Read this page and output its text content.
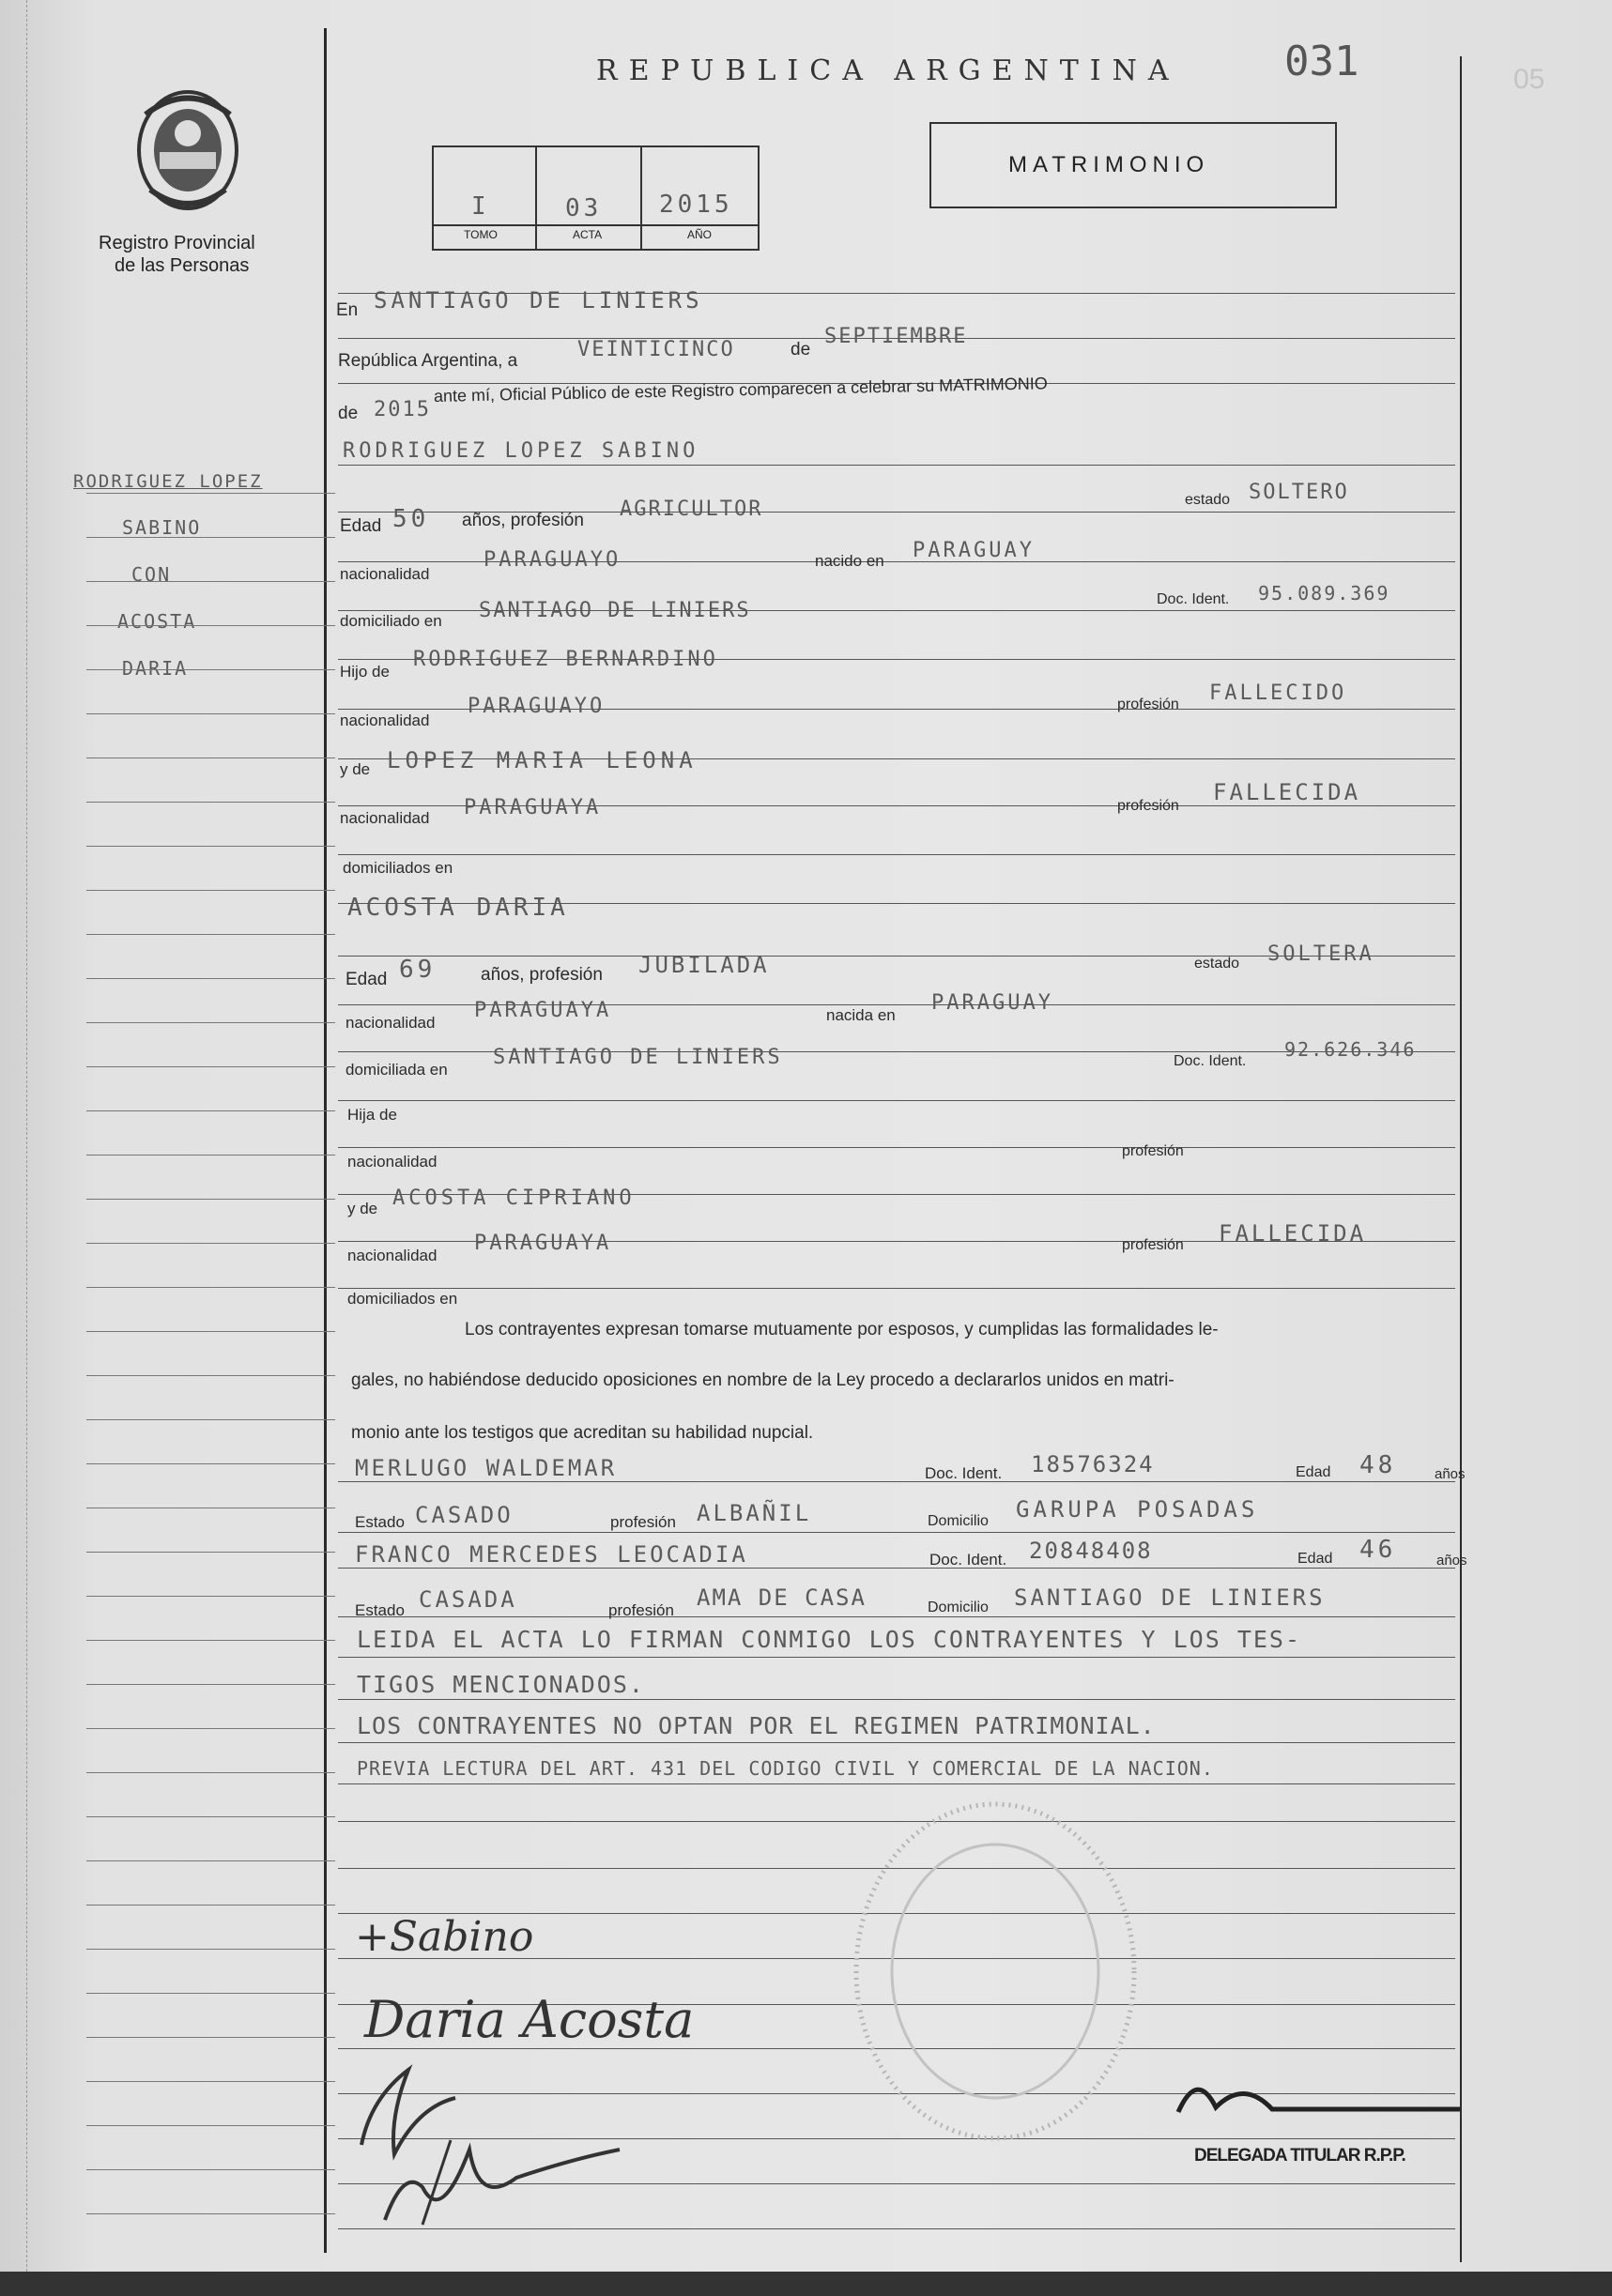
Registro Provincial
de las Personas
REPUBLICA ARGENTINA	031	05
I
TOMO
03
ACTA
2015
AÑO
MATRIMONIO
RODRIGUEZ LOPEZ
SABINO
CON
ACOSTA
DARIA
En SANTIAGO DE LINIERS
República Argentina, a	VEINTICINCO	de
SEPTIEMBRE
de 2015
ante mí, Oficial Público de este Registro comparecen a celebrar su MATRIMONIO
RODRIGUEZ LOPEZ SABINO
Edad 50 años, profesión AGRICULTOR	estado SOLTERO
nacionalidad
PARAGUAYO	nacido en PARAGUAY
domiciliado en SANTIAGO DE LINIERS	Doc. Ident. 95.089.369
Hijo de
RODRIGUEZ BERNARDINO
nacionalidad
PARAGUAYO	profesión FALLECIDO
y de LOPEZ MARIA LEONA
nacionalidad PARAGUAYA	profesión
FALLECIDA
domiciliados en
ACOSTA DARIA
Edad 69	años, profesión JUBILADA	estado SOLTERA
nacionalidad
PARAGUAYA	nacida en
PARAGUAY
domiciliada en
SANTIAGO DE LINIERS	Doc. Ident.
92.626.346
Hija de
nacionalidad
profesión
y de ACOSTA CIPRIANO
nacionalidad
PARAGUAYA	profesión FALLECIDA
domiciliados en
Los contrayentes expresan tomarse mutuamente por esposos, y cumplidas las formalidades le-
gales, no habiéndose deducido oposiciones en nombre de la Ley procedo a declararlos unidos en matri-
monio ante los testigos que acreditan su habilidad nupcial.
MERLUGO WALDEMAR	Doc. Ident. 18576324	Edad 48	años
Estado CASADO	profesión ALBAÑIL	Domicilio GARUPA POSADAS
FRANCO MERCEDES LEOCADIA	Doc. Ident. 20848408	Edad 46	años
Estado CASADA	profesión AMA DE CASA	Domicilio SANTIAGO DE LINIERS
LEIDA EL ACTA LO FIRMAN CONMIGO LOS CONTRAYENTES Y LOS TES-
TIGOS MENCIONADOS.
LOS CONTRAYENTES NO OPTAN POR EL REGIMEN PATRIMONIAL.
PREVIA LECTURA DEL ART. 431 DEL CODIGO CIVIL Y COMERCIAL DE LA NACION.
+Sabino
Daria Acosta
DELEGADA TITULAR R.P.P.
